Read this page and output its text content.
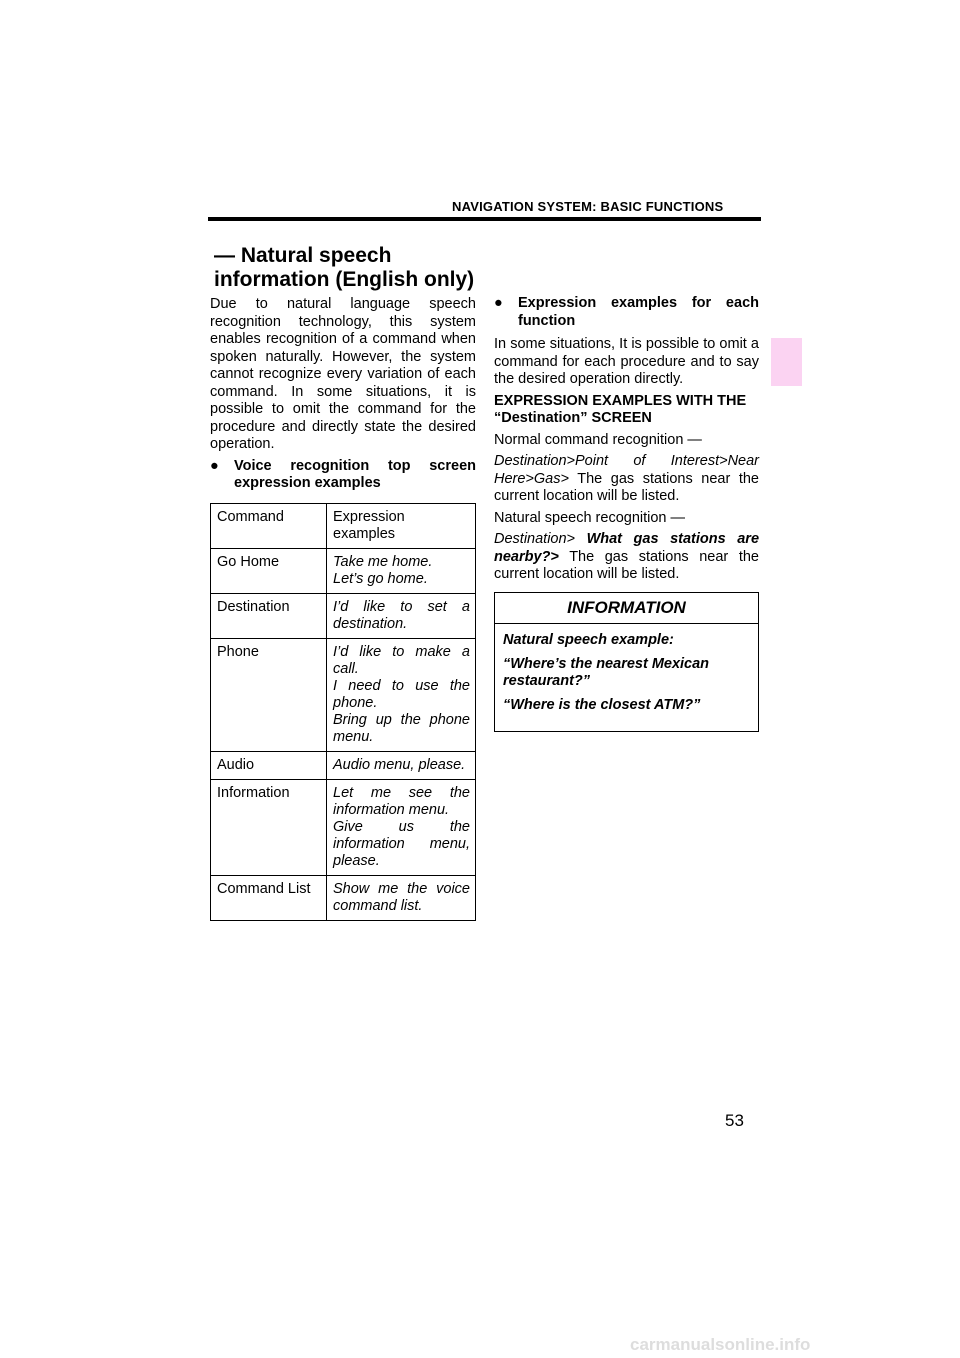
NAVIGATION SYSTEM: BASIC FUNCTIONS
— Natural speech
information (English only)

Due to natural language speech recognition technology, this system enables recognition of a command when spoken naturally. However, the system cannot recognize every variation of each command. In some situations, it is possible to omit the command for the procedure and directly state the desired operation.

●	Voice recognition top screen expression examples
Command	Expression examples
Go Home	Take me home.
Let’s go home.

Destination	I’d like to set a destination.

Phone	I’d like to make a call.
I need to use the phone.
Bring up the phone menu.

Audio	Audio menu, please.

Information	Let me see the information menu.
Give us the information menu, please.

Command List	Show me the voice command list.
●	Expression examples for each function

In some situations, It is possible to omit a command for each procedure and to say the desired operation directly.

EXPRESSION EXAMPLES WITH THE “Destination” SCREEN

Normal command recognition —

Destination>Point of Interest>Near Here>Gas> The gas stations near the current location will be listed.

Natural speech recognition —

Destination> What gas stations are nearby?> The gas stations near the current location will be listed.

INFORMATION
Natural speech example:
“Where’s the nearest Mexican restaurant?”
“Where is the closest ATM?”
53
carmanualsonline.info
